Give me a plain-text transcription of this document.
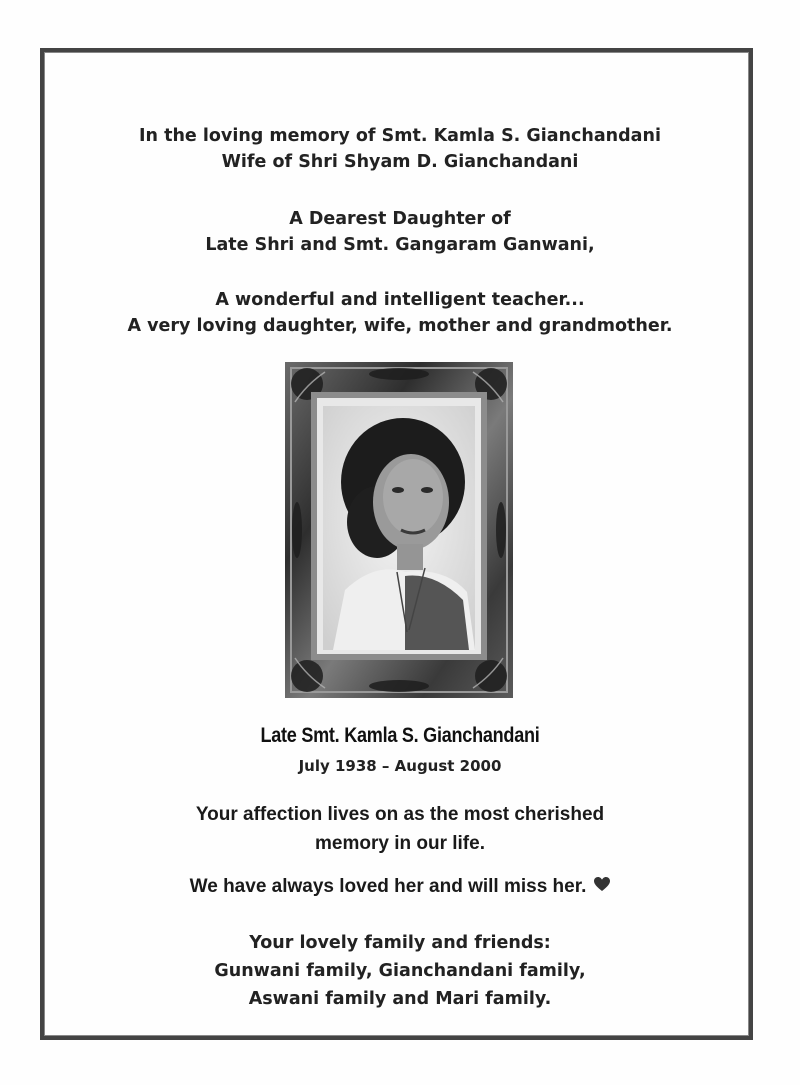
In the loving memory of Smt. Kamla S. Gianchandani
Wife of Shri Shyam D. Gianchandani
A Dearest Daughter of
Late Shri and Smt. Gangaram Ganwani,
A wonderful and intelligent teacher...
A very loving daughter, wife, mother and grandmother.
Late Smt. Kamla S. Gianchandani
July 1938 – August 2000
Your affection lives on as the most cherished
memory in our life.
We have always loved her and will miss her.
Your lovely family and friends:
Gunwani family, Gianchandani family,
Aswani family and Mari family.
